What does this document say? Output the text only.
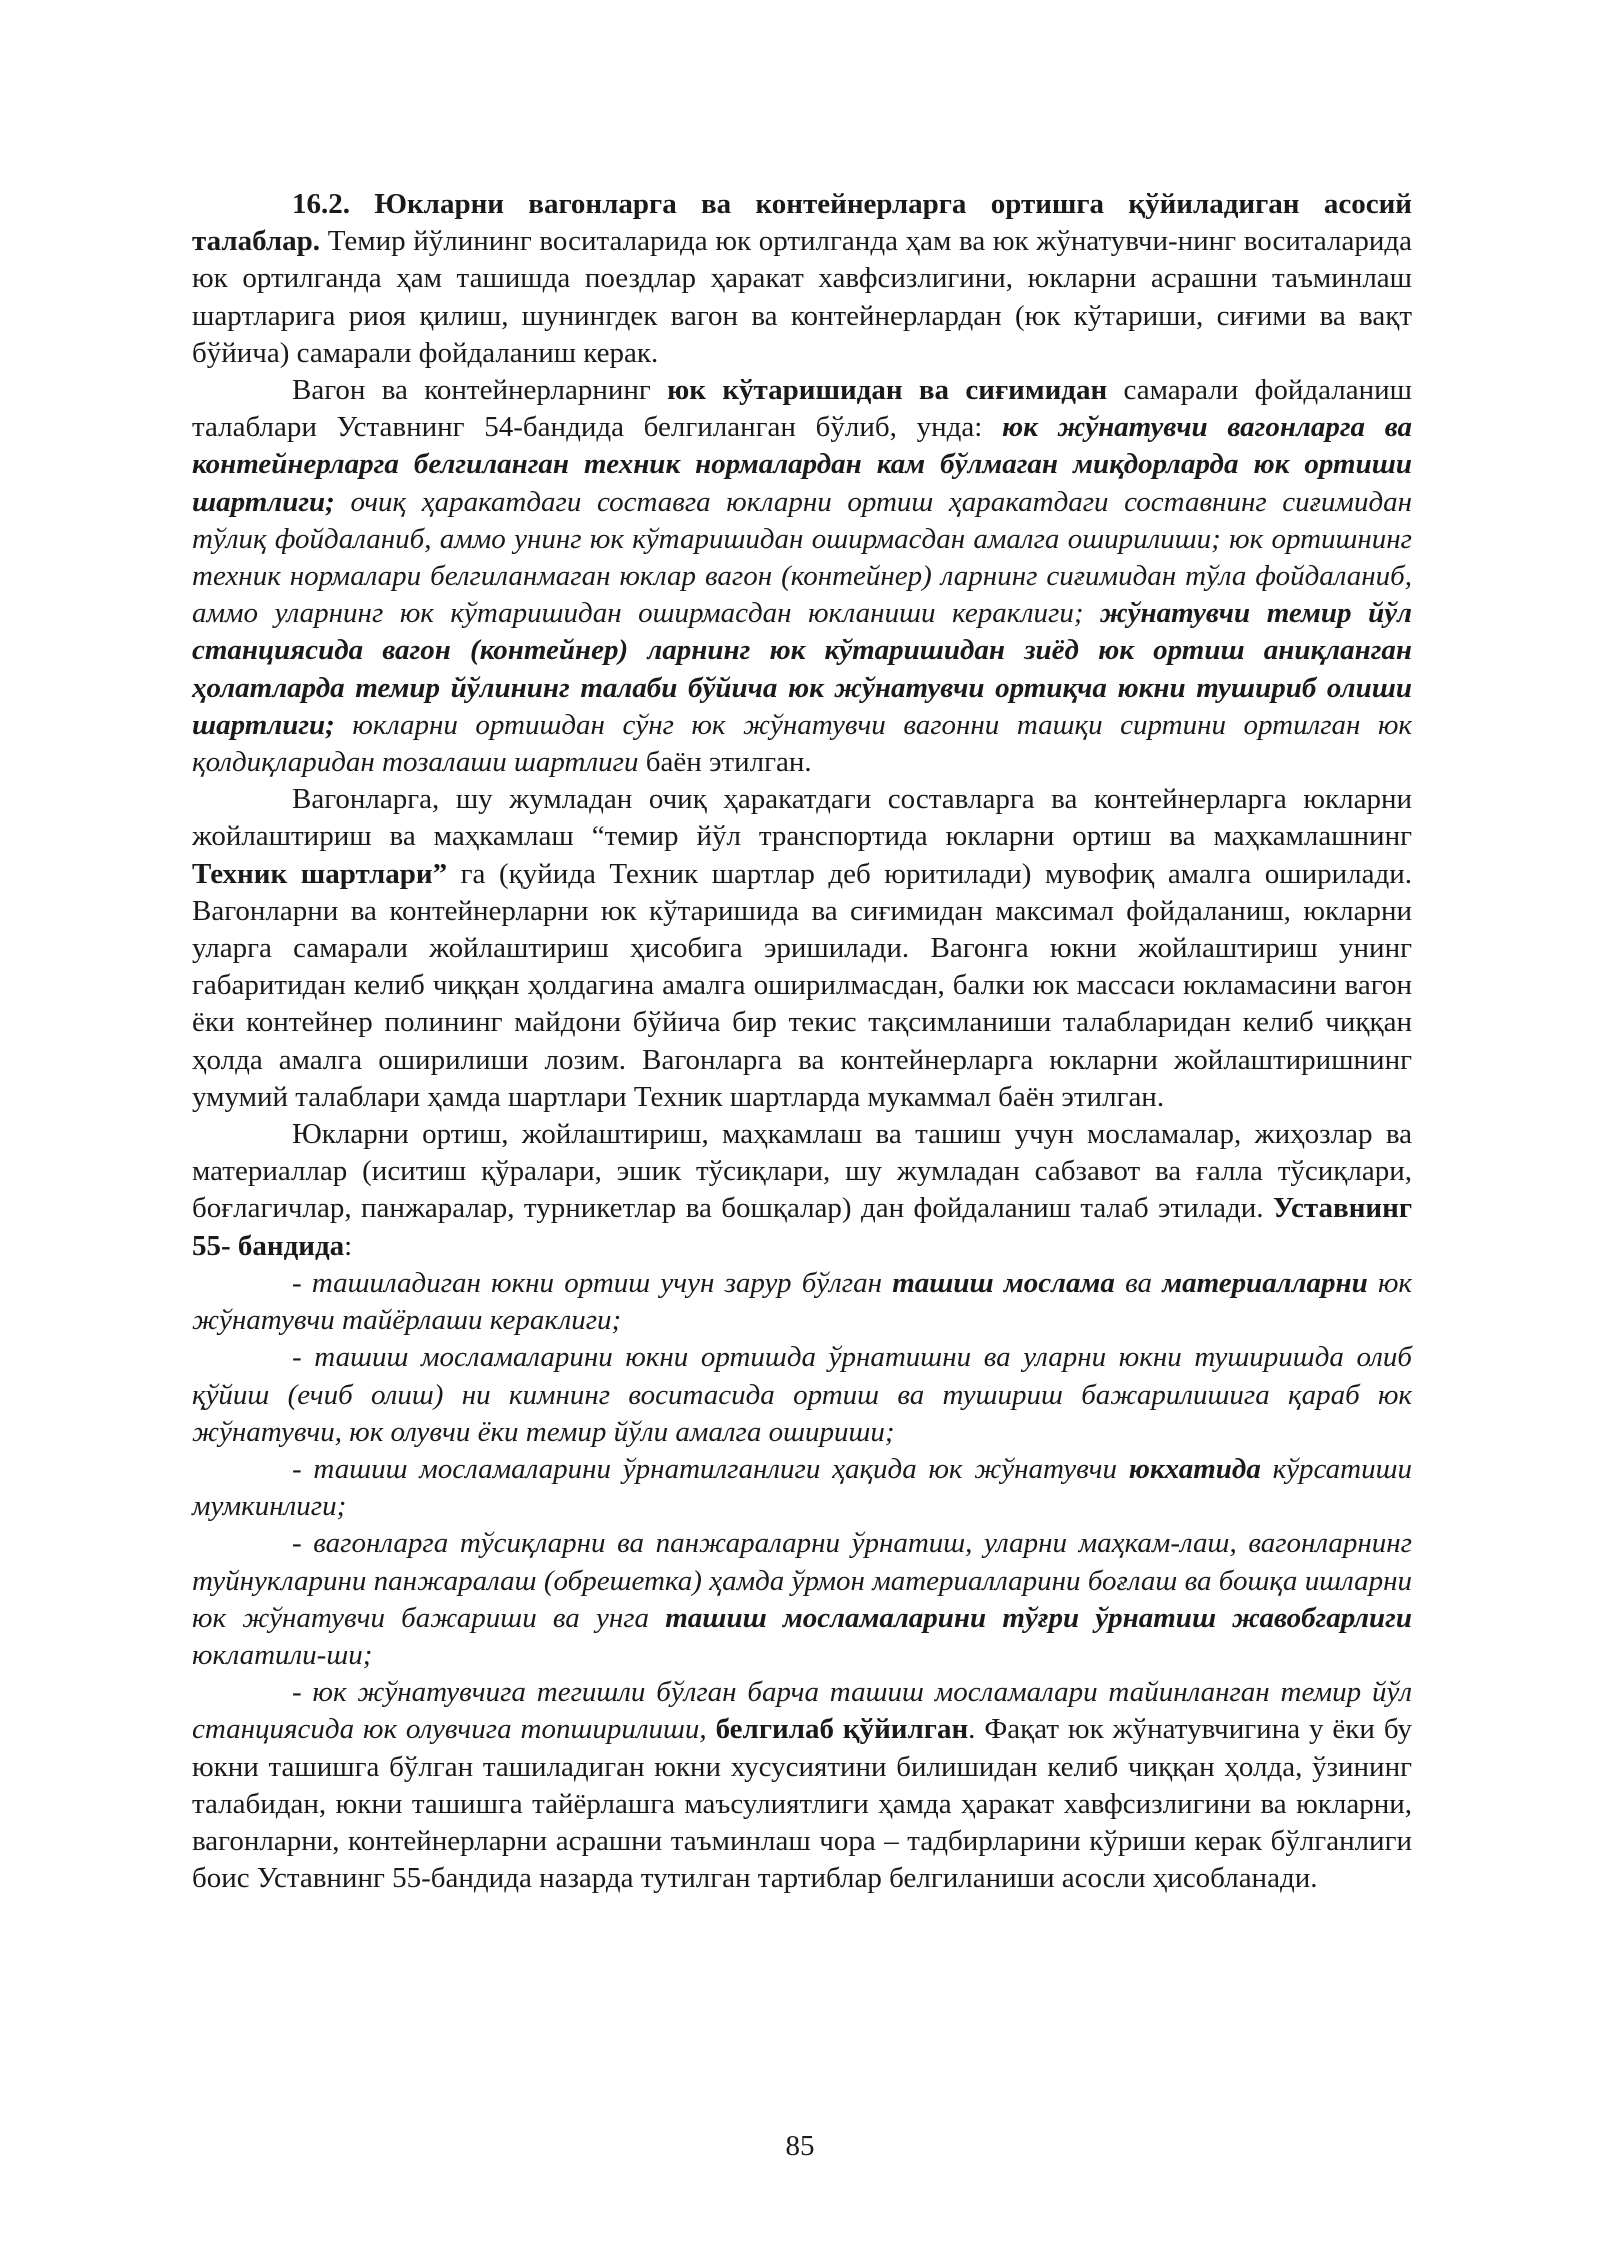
16.2. Юкларни вагонларга ва контейнерларга ортишга қўйиладиган асосий талаблар. Темир йўлининг воситаларида юк ортилганда ҳам ва юк жўнатувчи-нинг воситаларида юк ортилганда ҳам ташишда поездлар ҳаракат хавфсизлигини, юкларни асрашни таъминлаш шартларига риоя қилиш, шунингдек вагон ва контейнерлардан (юк кўтариши, сиғими ва вақт бўйича) самарали фойдаланиш керак.

Вагон ва контейнерларнинг юк кўтаришидан ва сиғимидан самарали фойдаланиш талаблари Уставнинг 54-бандида белгиланган бўлиб, унда: юк жўнатувчи вагонларга ва контейнерларга белгиланган техник нормалардан кам бўлмаган миқдорларда юк ортиши шартлиги; очиқ ҳаракатдаги составга юкларни ортиш ҳаракатдаги составнинг сиғимидан тўлиқ фойдаланиб, аммо унинг юк кўтаришидан оширмасдан амалга оширилиши; юк ортишнинг техник нормалари белгиланмаган юклар вагон (контейнер) ларнинг сиғимидан тўла фойдаланиб, аммо уларнинг юк кўтаришидан оширмасдан юкланиши кераклиги; жўнатувчи темир йўл станциясида вагон (контейнер) ларнинг юк кўтаришидан зиёд юк ортиш аниқланган ҳолатларда темир йўлининг талаби бўйича юк жўнатувчи ортиқча юкни тушириб олиши шартлиги; юкларни ортишдан сўнг юк жўнатувчи вагонни ташқи сиртини ортилган юк қолдиқларидан тозалаши шартлиги баён этилган.

Вагонларга, шу жумладан очиқ ҳаракатдаги составларга ва контейнерларга юкларни жойлаштириш ва маҳкамлаш “темир йўл транспортида юкларни ортиш ва маҳкамлашнинг Техник шартлари” га (қуйида Техник шартлар деб юритилади) мувофиқ амалга оширилади. Вагонларни ва контейнерларни юк кўтаришида ва сиғимидан максимал фойдаланиш, юкларни уларга самарали жойлаштириш ҳисобига эришилади. Вагонга юкни жойлаштириш унинг габаритидан келиб чиққан ҳолдагина амалга оширилмасдан, балки юк массаси юкламасини вагон ёки контейнер полининг майдони бўйича бир текис тақсимланиши талабларидан келиб чиққан ҳолда амалга оширилиши лозим. Вагонларга ва контейнерларга юкларни жойлаштиришнинг умумий талаблари ҳамда шартлари Техник шартларда мукаммал баён этилган.

Юкларни ортиш, жойлаштириш, маҳкамлаш ва ташиш учун мосламалар, жиҳозлар ва материаллар (иситиш қўралари, эшик тўсиқлари, шу жумладан сабзавот ва ғалла тўсиқлари, боғлагичлар, панжаралар, турникетлар ва бошқалар) дан фойдаланиш талаб этилади. Уставнинг 55- бандида:

- ташиладиган юкни ортиш учун зарур бўлган ташиш мослама ва материалларни юк жўнатувчи тайёрлаши кераклиги;

- ташиш мосламаларини юкни ортишда ўрнатишни ва уларни юкни туширишда олиб қўйиш (ечиб олиш) ни кимнинг воситасида ортиш ва тушириш бажарилишига қараб юк жўнатувчи, юк олувчи ёки темир йўли амалга ошириши;

- ташиш мосламаларини ўрнатилганлиги ҳақида юк жўнатувчи юкхатида кўрсатиши мумкинлиги;

- вагонларга тўсиқларни ва панжараларни ўрнатиш, уларни маҳкам-лаш, вагонларнинг туйнукларини панжаралаш (обрешетка) ҳамда ўрмон материалларини боғлаш ва бошқа ишларни юк жўнатувчи бажариши ва унга ташиш мосламаларини тўғри ўрнатиш жавобгарлиги юклатили-ши;

- юк жўнатувчига тегишли бўлган барча ташиш мосламалари тайинланган темир йўл станциясида юк олувчига топширилиши, белгилаб қўйилган. Фақат юк жўнатувчигина у ёки бу юкни ташишга бўлган ташиладиган юкни хусусиятини билишидан келиб чиққан ҳолда, ўзининг талабидан, юкни ташишга тайёрлашга маъсулиятлиги ҳамда ҳаракат хавфсизлигини ва юкларни, вагонларни, контейнерларни асрашни таъминлаш чора – тадбирларини кўриши керак бўлганлиги боис Уставнинг 55-бандида назарда тутилган тартиблар белгиланиши асосли ҳисобланади.

85
